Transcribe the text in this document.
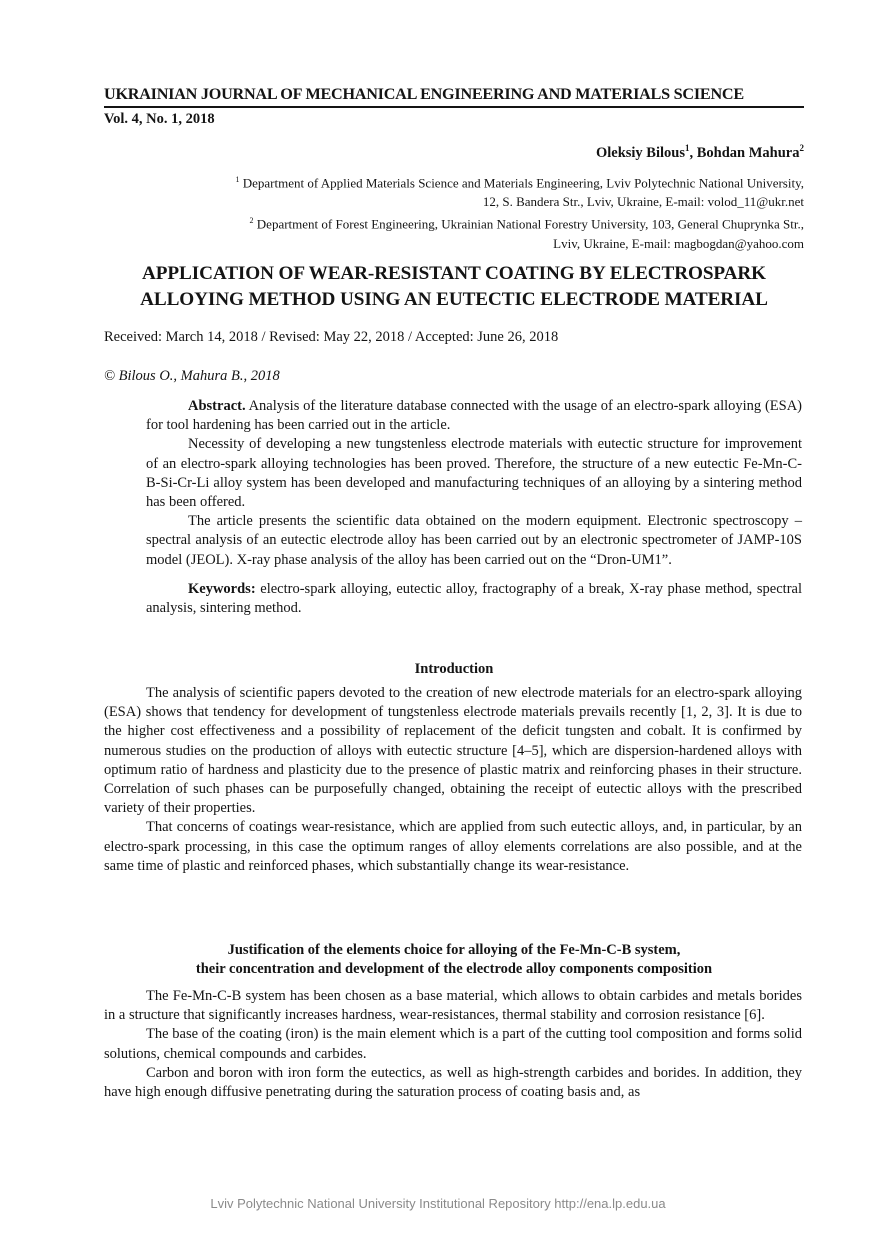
UKRAINIAN JOURNAL OF MECHANICAL ENGINEERING AND MATERIALS SCIENCE
Vol. 4, No. 1, 2018
Oleksiy Bilous$^1$, Bohdan Mahura$^2$
$^1$ Department of Applied Materials Science and Materials Engineering, Lviv Polytechnic National University,
12, S. Bandera Str., Lviv, Ukraine, E-mail: volod_11@ukr.net
$^2$ Department of Forest Engineering, Ukrainian National Forestry University, 103, General Chuprynka Str.,
Lviv, Ukraine, E-mail: magbogdan@yahoo.com
APPLICATION OF WEAR-RESISTANT COATING BY ELECTROSPARK
ALLOYING METHOD USING AN EUTECTIC ELECTRODE MATERIAL
Received: March 14, 2018 / Revised: May 22, 2018 / Accepted: June 26, 2018
© Bilous O., Mahura B., 2018

Abstract. Analysis of the literature database connected with the usage of an electro-spark alloying (ESA) for tool hardening has been carried out in the article.

Necessity of developing a new tungstenless electrode materials with eutectic structure for improvement of an electro-spark alloying technologies has been proved. Therefore, the structure of a new eutectic Fe-Mn-C-B-Si-Cr-Li alloy system has been developed and manufacturing techniques of an alloying by a sintering method has been offered.

The article presents the scientific data obtained on the modern equipment. Electronic spectroscopy – spectral analysis of an eutectic electrode alloy has been carried out by an electronic spectrometer of JAMP-10S model (JEOL). X-ray phase analysis of the alloy has been carried out on the “Dron-UM1”.

Keywords: electro-spark alloying, eutectic alloy, fractography of a break, X-ray phase method, spectral analysis, sintering method.

Introduction

The analysis of scientific papers devoted to the creation of new electrode materials for an electro-spark alloying (ESA) shows that tendency for development of tungstenless electrode materials prevails recently [1, 2, 3]. It is due to the higher cost effectiveness and a possibility of replacement of the deficit tungsten and cobalt. It is confirmed by numerous studies on the production of alloys with eutectic structure [4–5], which are dispersion-hardened alloys with optimum ratio of hardness and plasticity due to the presence of plastic matrix and reinforcing phases in their structure. Correlation of such phases can be purposefully changed, obtaining the receipt of eutectic alloys with the prescribed variety of their properties.

That concerns of coatings wear-resistance, which are applied from such eutectic alloys, and, in particular, by an electro-spark processing, in this case the optimum ranges of alloy elements correlations are also possible, and at the same time of plastic and reinforced phases, which substantially change its wear-resistance.

Justification of the elements choice for alloying of the Fe-Mn-C-B system,
their concentration and development of the electrode alloy components composition

The Fe-Mn-C-B system has been chosen as a base material, which allows to obtain carbides and metals borides in a structure that significantly increases hardness, wear-resistances, thermal stability and corrosion resistance [6].

The base of the coating (iron) is the main element which is a part of the cutting tool composition and forms solid solutions, chemical compounds and carbides.

Carbon and boron with iron form the eutectics, as well as high-strength carbides and borides. In addition, they have high enough diffusive penetrating during the saturation process of coating basis and, as

Lviv Polytechnic National University Institutional Repository http://ena.lp.edu.ua
